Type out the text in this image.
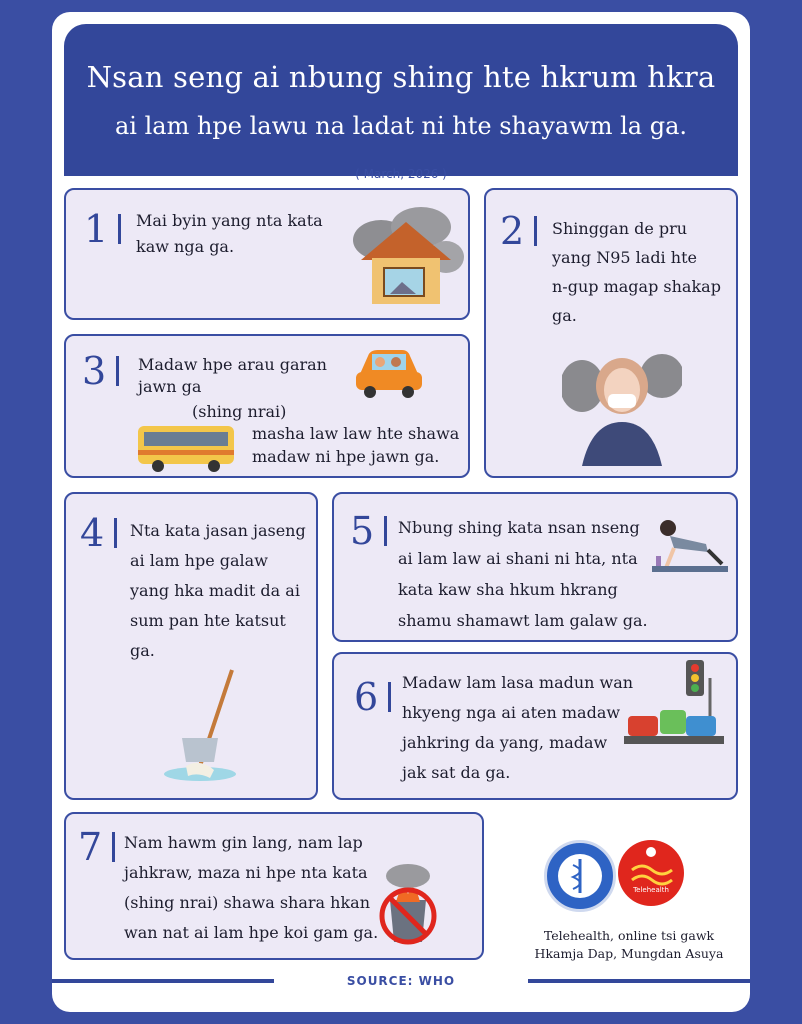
Nsan seng ai nbung shing hte hkrum hkra
ai lam hpe lawu na ladat ni hte shayawm la ga.
( March, 2026 )
1 Mai byin yang nta kata
kaw nga ga.	2 Shinggan de pru
yang N95 ladi hte
n-gup magap shakap
ga.
3 Madaw hpe arau garan
jawn ga
(shing nrai)
masha law law hte shawa
madaw ni hpe jawn ga.
4 Nta kata jasan jaseng
ai lam hpe galaw
yang hka madit da ai
sum pan hte katsut
ga.
5 Nbung shing kata nsan nseng
ai lam law ai shani ni hta, nta
kata kaw sha hkum hkrang
shamu shamawt lam galaw ga.
6 Madaw lam lasa madun wan
hkyeng nga ai aten madaw
jahkring da yang, madaw
jak sat da ga.
7 Nam hawm gin lang, nam lap
jahkraw, maza ni hpe nta kata
(shing nrai) shawa shara hkan
wan nat ai lam hpe koi gam ga.
Telehealth
Telehealth, online tsi gawk
Hkamja Dap, Mungdan Asuya
SOURCE: WHO
